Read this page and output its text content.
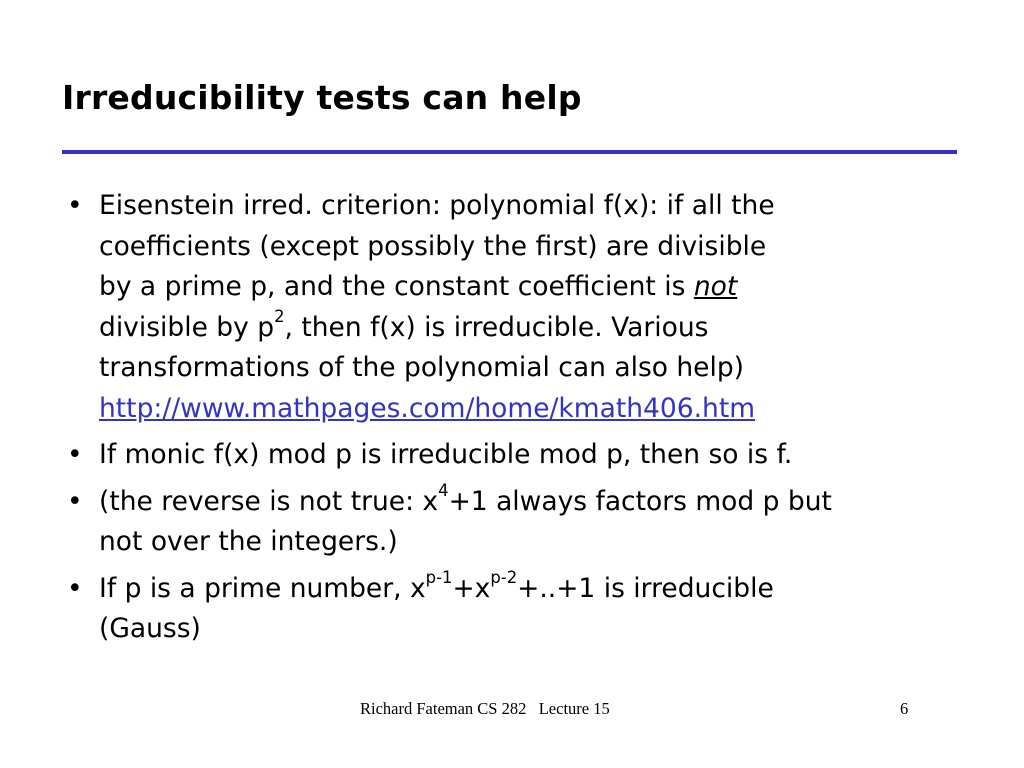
Irreducibility tests can help
• Eisenstein irred. criterion: polynomial f(x): if all the
coefficients (except possibly the first) are divisible
by a prime p, and the constant coefficient is not
divisible by $p^2$, then f(x) is irreducible. Various
transformations of the polynomial can also help)
http://www.mathpages.com/home/kmath406.htm
• If monic f(x) mod p is irreducible mod p, then so is f.
• (the reverse is not true: $x^4+1$ always factors mod p but
not over the integers.)
• If p is a prime number, $x^{p-1}+x^{p-2}+..+1$ is irreducible
(Gauss)
Richard Fateman CS 282   Lecture 15	6
